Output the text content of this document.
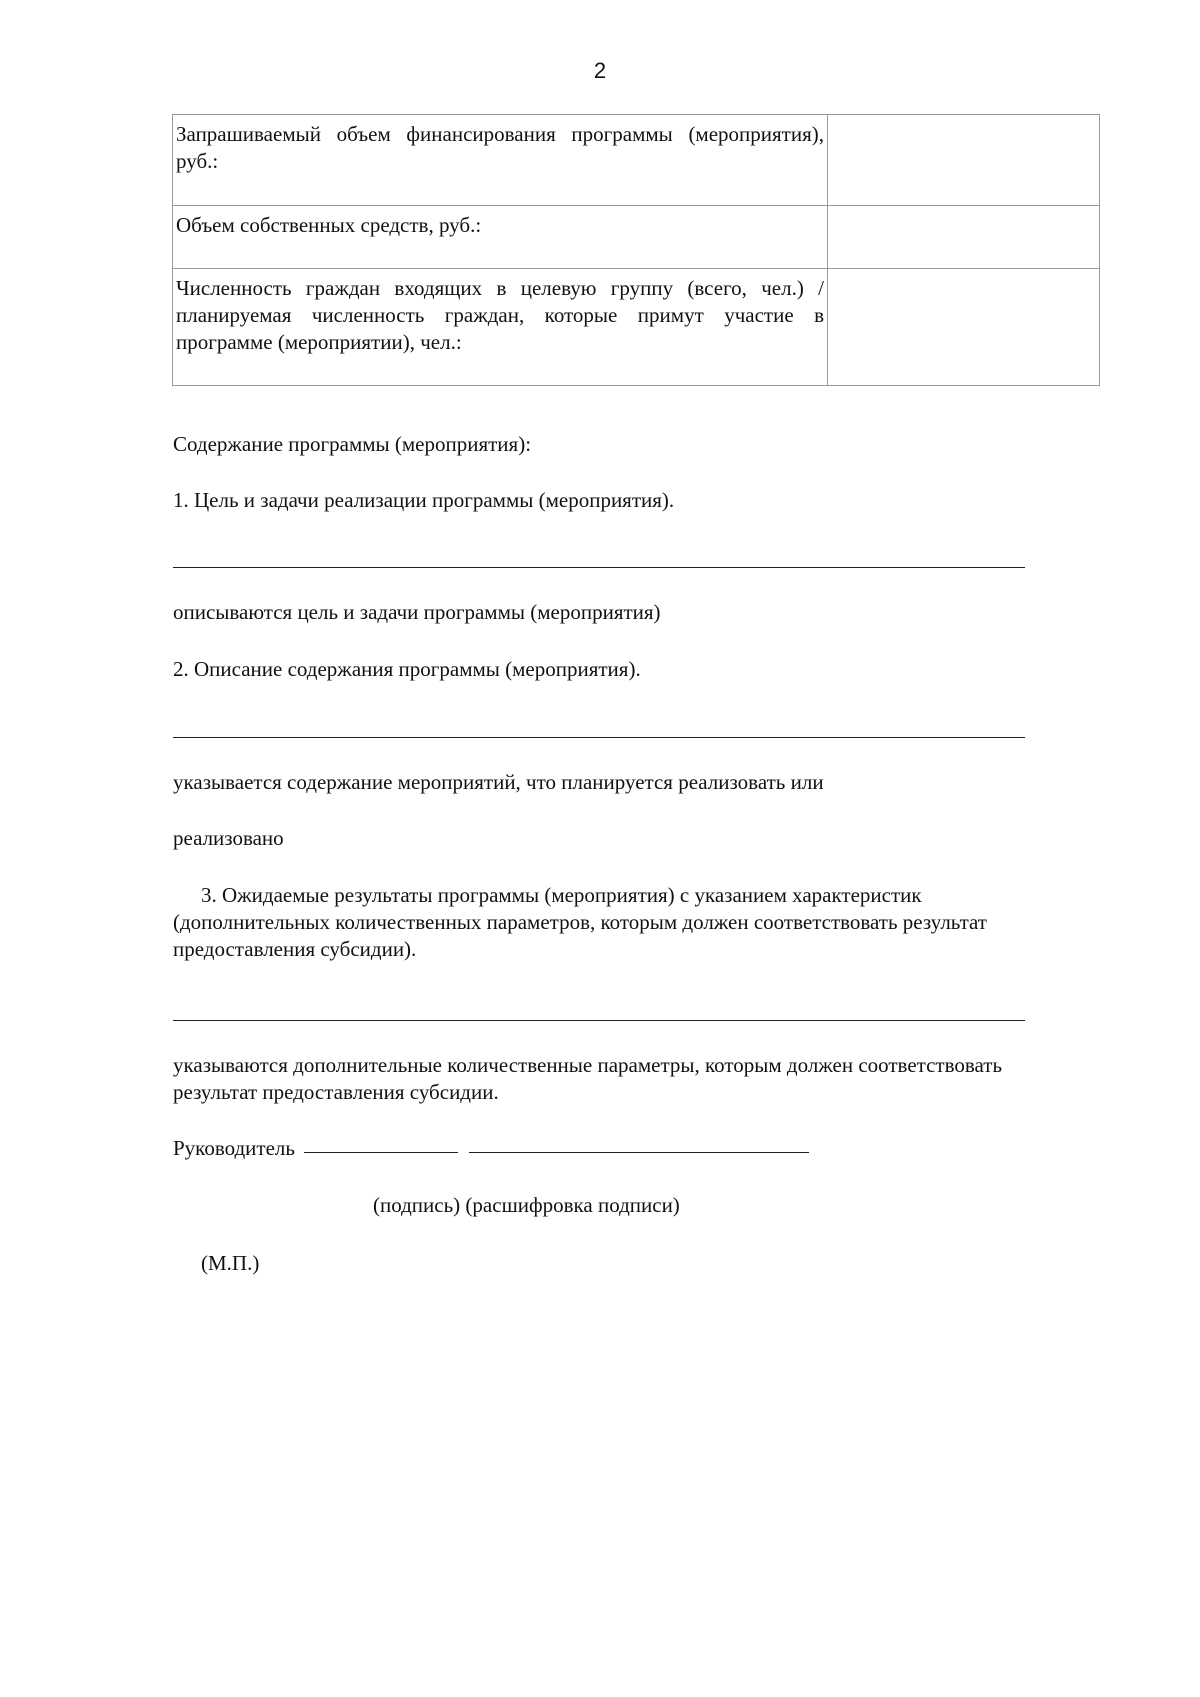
2
Запрашиваемый объем финансирования программы (мероприятия), руб.:	
Объем собственных средств, руб.:	
Численность граждан входящих в целевую группу (всего, чел.) / планируемая численность граждан, которые примут участие в программе (мероприятии), чел.:	

Содержание программы (мероприятия):

1. Цель и задачи реализации программы (мероприятия).

описываются цель и задачи программы (мероприятия)

2. Описание содержания программы (мероприятия).

указывается содержание мероприятий, что планируется реализовать или

реализовано

3. Ожидаемые результаты программы (мероприятия) с указанием характеристик (дополнительных количественных параметров, которым должен соответствовать результат предоставления субсидии).

указываются дополнительные количественные параметры, которым должен соответствовать результат предоставления субсидии.

Руководитель

(подпись) (расшифровка подписи)

(М.П.)
